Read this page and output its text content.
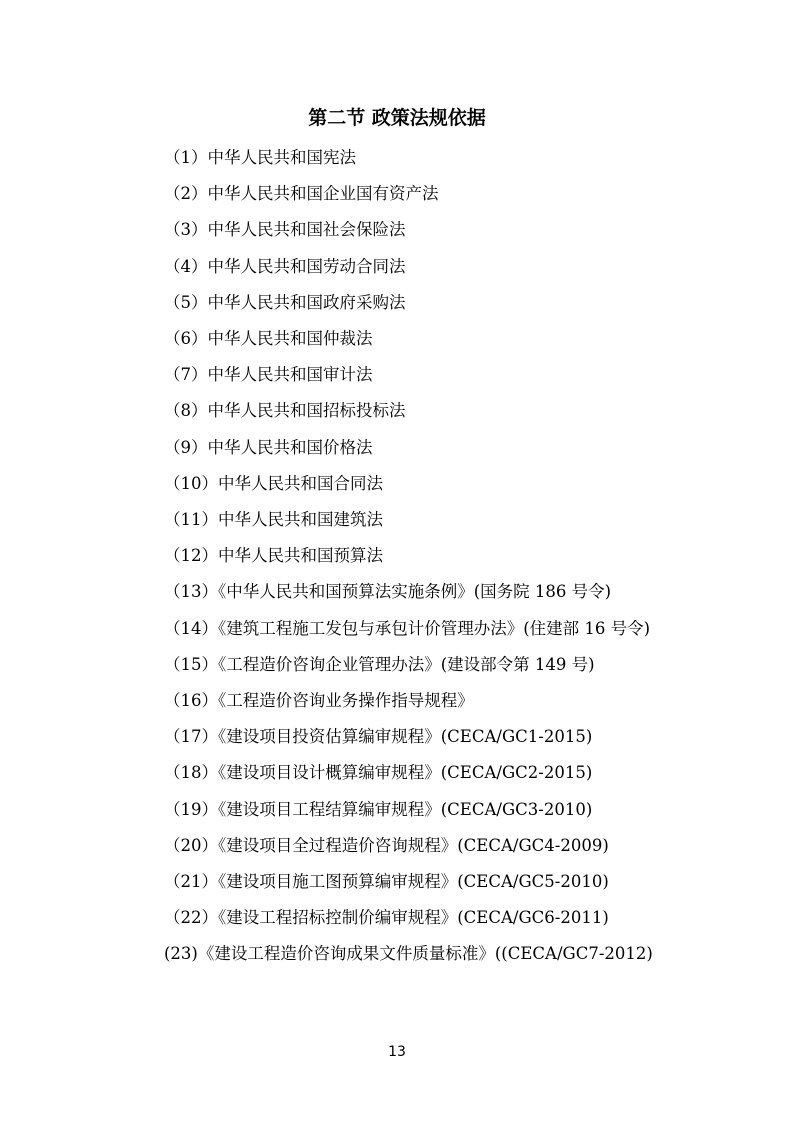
第二节 政策法规依据
（1）中华人民共和国宪法
（2）中华人民共和国企业国有资产法
（3）中华人民共和国社会保险法
（4）中华人民共和国劳动合同法
（5）中华人民共和国政府采购法
（6）中华人民共和国仲裁法
（7）中华人民共和国审计法
（8）中华人民共和国招标投标法
（9）中华人民共和国价格法
（10）中华人民共和国合同法
（11）中华人民共和国建筑法
（12）中华人民共和国预算法
（13）《中华人民共和国预算法实施条例》(国务院 186 号令)
（14）《建筑工程施工发包与承包计价管理办法》(住建部 16 号令)
（15）《工程造价咨询企业管理办法》(建设部令第 149 号)
（16）《工程造价咨询业务操作指导规程》
（17）《建设项目投资估算编审规程》(CECA/GC1-2015)
（18）《建设项目设计概算编审规程》(CECA/GC2-2015)
（19）《建设项目工程结算编审规程》(CECA/GC3-2010)
（20）《建设项目全过程造价咨询规程》(CECA/GC4-2009)
（21）《建设项目施工图预算编审规程》(CECA/GC5-2010)
（22）《建设工程招标控制价编审规程》(CECA/GC6-2011)
(23)《建设工程造价咨询成果文件质量标准》((CECA/GC7-2012)
13
